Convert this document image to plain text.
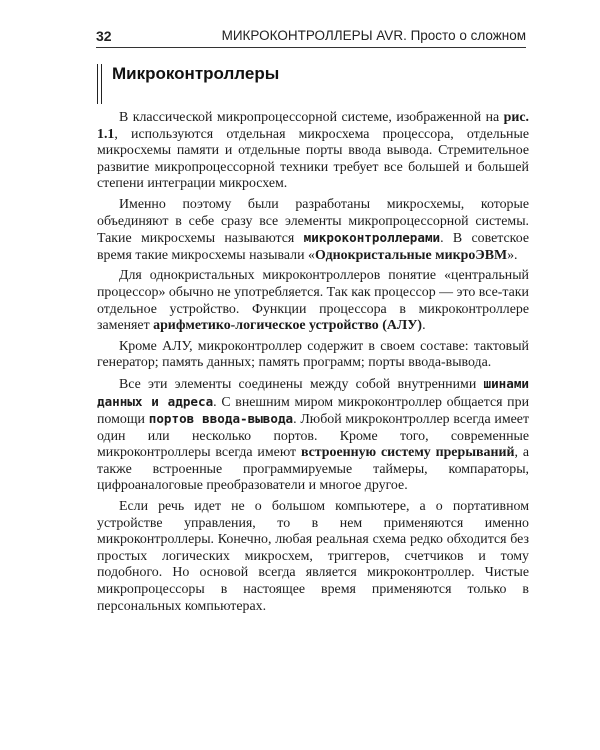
32	МИКРОКОНТРОЛЛЕРЫ AVR. Просто о сложном
Микроконтроллеры

В классической микропроцессорной системе, изображенной на рис. 1.1, используются отдельная микросхема процессора, отдельные микросхемы памяти и отдельные порты ввода вывода. Стремительное развитие микропроцессорной техники требует все большей и большей степени интеграции микросхем.

Именно поэтому были разработаны микросхемы, которые объединяют в себе сразу все элементы микропроцессорной системы. Такие микросхемы называются микроконтроллерами. В советское время такие микросхемы называли «Однокристальные микроЭВМ».

Для однокристальных микроконтроллеров понятие «центральный процессор» обычно не употребляется. Так как процессор — это все-таки отдельное устройство. Функции процессора в микроконтроллере заменяет арифметико-логическое устройство (АЛУ).

Кроме АЛУ, микроконтроллер содержит в своем составе: тактовый генератор; память данных; память программ; порты ввода-вывода.

Все эти элементы соединены между собой внутренними шинами данных и адреса. С внешним миром микроконтроллер общается при помощи портов ввода-вывода. Любой микроконтроллер всегда имеет один или несколько портов. Кроме того, современные микроконтроллеры всегда имеют встроенную систему прерываний, а также встроенные программируемые таймеры, компараторы, цифроаналоговые преобразователи и многое другое.

Если речь идет не о большом компьютере, а о портативном устройстве управления, то в нем применяются именно микроконтроллеры. Конечно, любая реальная схема редко обходится без простых логических микросхем, триггеров, счетчиков и тому подобного. Но основой всегда является микроконтроллер. Чистые микропроцессоры в настоящее время применяются только в персональных компьютерах.
